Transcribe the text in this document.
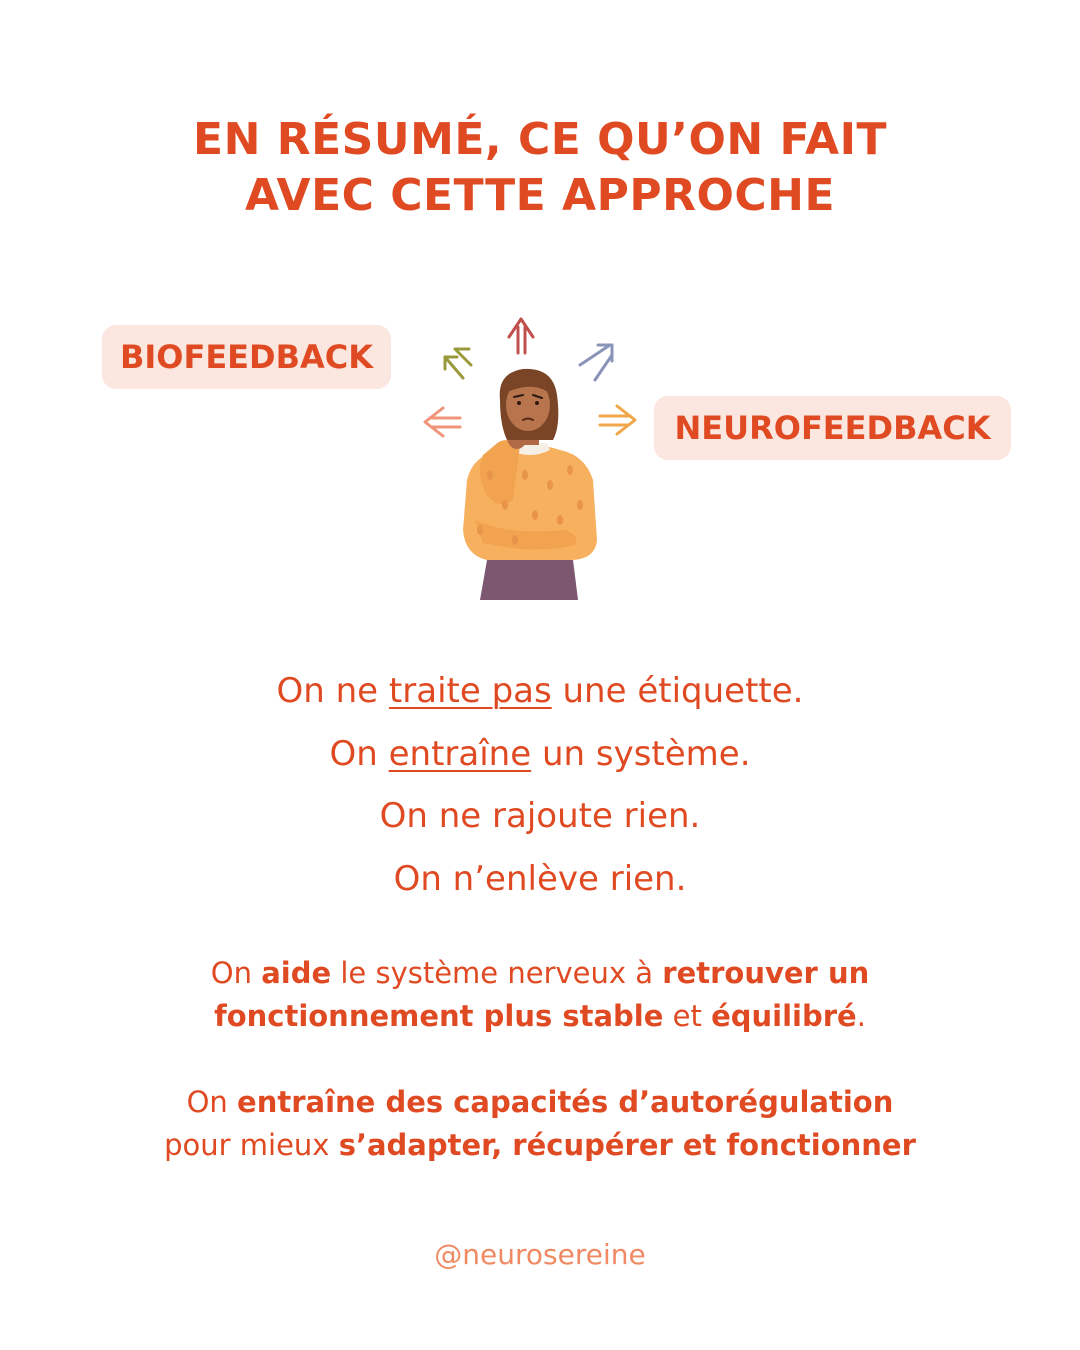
EN RÉSUMÉ, CE QU’ON FAIT
AVEC CETTE APPROCHE
BIOFEEDBACK
NEUROFEEDBACK
On ne traite pas une étiquette.
On entraîne un système.
On ne rajoute rien.
On n’enlève rien.
On aide le système nerveux à retrouver un
fonctionnement plus stable et équilibré.
On entraîne des capacités d’autorégulation
pour mieux s’adapter, récupérer et fonctionner
@neurosereine
